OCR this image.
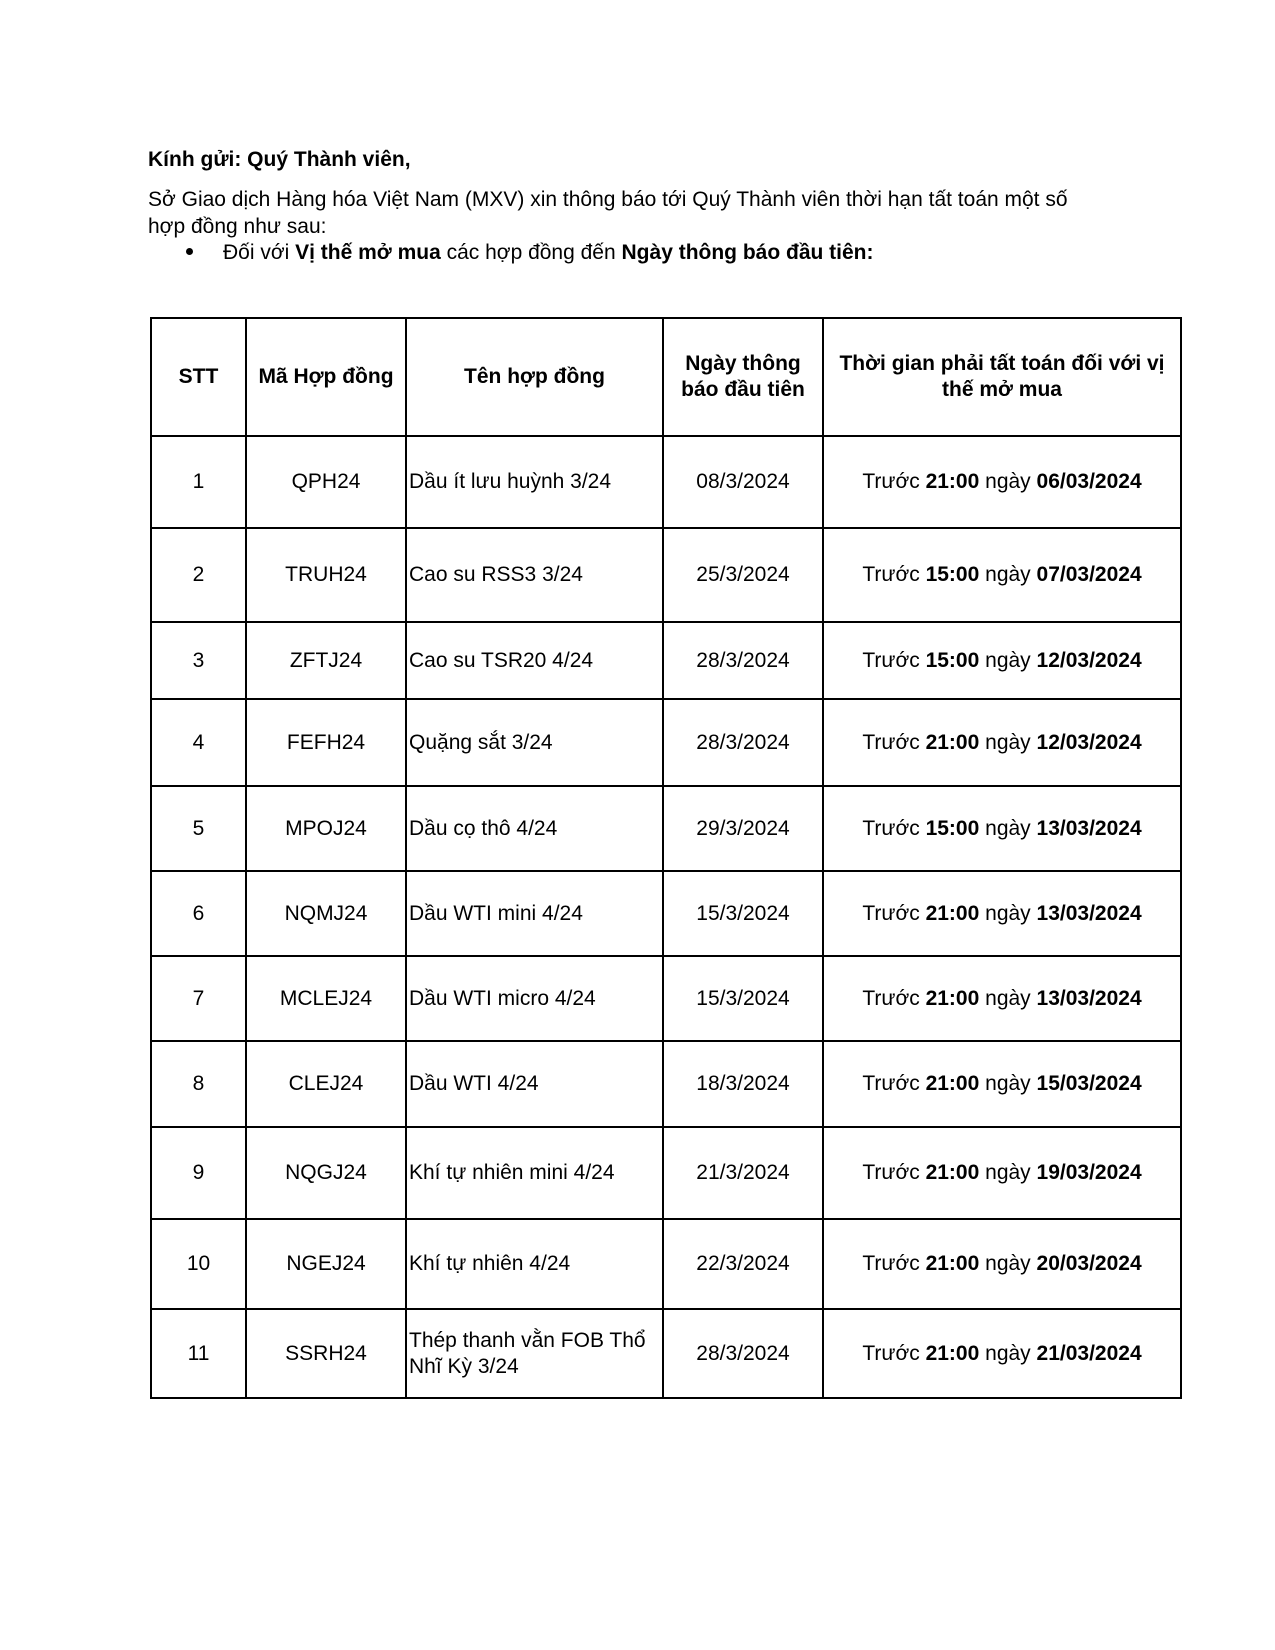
Kính gửi: Quý Thành viên,

Sở Giao dịch Hàng hóa Việt Nam (MXV) xin thông báo tới Quý Thành viên thời hạn tất toán một số hợp đồng như sau:

Đối với Vị thế mở mua các hợp đồng đến Ngày thông báo đầu tiên:
STT	Mã Hợp đồng	Tên hợp đồng	Ngày thông báo đầu tiên	Thời gian phải tất toán đối với vị thế mở mua
1	QPH24	Dầu ít lưu huỳnh 3/24	08/3/2024	Trước 21:00 ngày 06/03/2024
2	TRUH24	Cao su RSS3 3/24	25/3/2024	Trước 15:00 ngày 07/03/2024
3	ZFTJ24	Cao su TSR20 4/24	28/3/2024	Trước 15:00 ngày 12/03/2024
4	FEFH24	Quặng sắt 3/24	28/3/2024	Trước 21:00 ngày 12/03/2024
5	MPOJ24	Dầu cọ thô 4/24	29/3/2024	Trước 15:00 ngày 13/03/2024
6	NQMJ24	Dầu WTI mini 4/24	15/3/2024	Trước 21:00 ngày 13/03/2024
7	MCLEJ24	Dầu WTI micro 4/24	15/3/2024	Trước 21:00 ngày 13/03/2024
8	CLEJ24	Dầu WTI 4/24	18/3/2024	Trước 21:00 ngày 15/03/2024
9	NQGJ24	Khí tự nhiên mini 4/24	21/3/2024	Trước 21:00 ngày 19/03/2024
10	NGEJ24	Khí tự nhiên 4/24	22/3/2024	Trước 21:00 ngày 20/03/2024
11	SSRH24	Thép thanh vằn FOB Thổ Nhĩ Kỳ 3/24	28/3/2024	Trước 21:00 ngày 21/03/2024
